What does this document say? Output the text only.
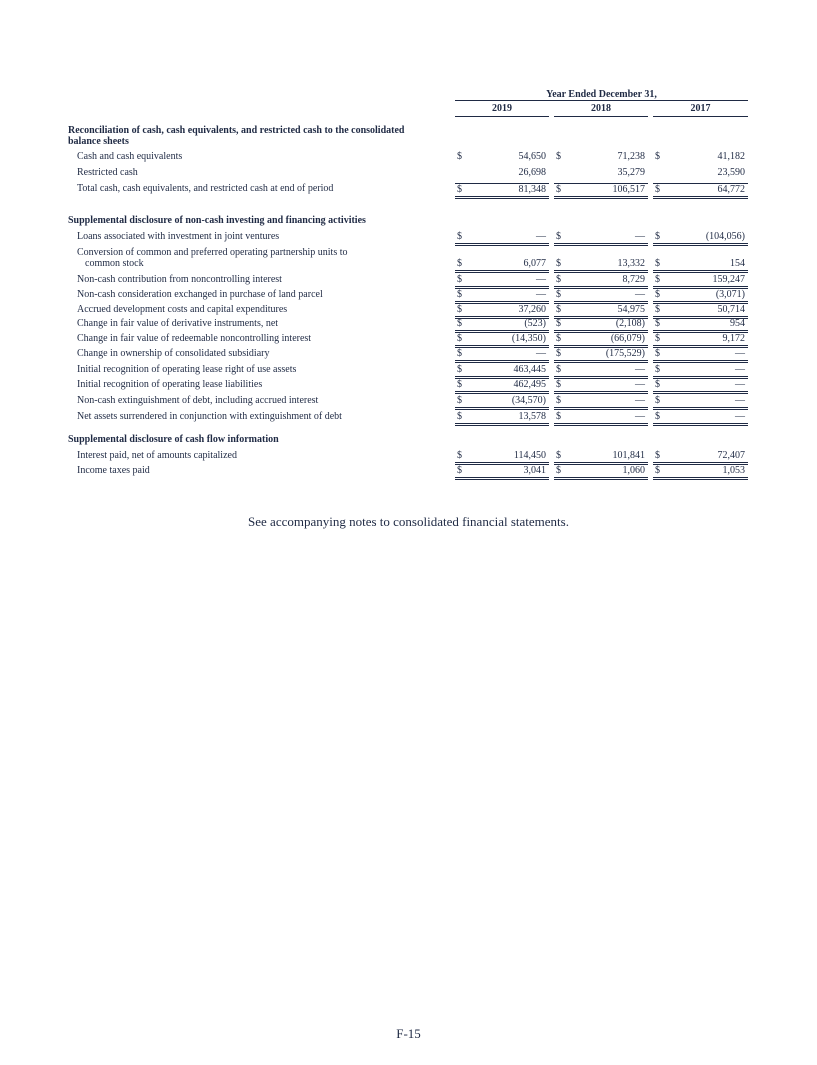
Year Ended December 31,
2019	2018	2017
Reconciliation of cash, cash equivalents, and restricted cash to the consolidated balance sheets
Cash and cash equivalents	$	54,650 $	71,238 $	41,182
Restricted cash	26,698	35,279	23,590
Total cash, cash equivalents, and restricted cash at end of period	$	81,348 $	106,517 $	64,772
Supplemental disclosure of non-cash investing and financing activities
Loans associated with investment in joint ventures	$	— $	— $	(104,056)
Conversion of common and preferred operating partnership units to
common stock	$	6,077 $	13,332 $	154
Non-cash contribution from noncontrolling interest	$	— $	8,729 $	159,247
Non-cash consideration exchanged in purchase of land parcel	$	— $	— $	(3,071)
Accrued development costs and capital expenditures	$	37,260 $	54,975 $	50,714
Change in fair value of derivative instruments, net	$	(523) $	(2,108) $	954
Change in fair value of redeemable noncontrolling interest	$	(14,350) $	(66,079) $	9,172
Change in ownership of consolidated subsidiary	$	— $	(175,529) $	—
Initial recognition of operating lease right of use assets	$	463,445 $	— $	—
Initial recognition of operating lease liabilities	$	462,495 $	— $	—
Non-cash extinguishment of debt, including accrued interest	$	(34,570) $	— $	—
Net assets surrendered in conjunction with extinguishment of debt	$	13,578 $	— $	—
Supplemental disclosure of cash flow information
Interest paid, net of amounts capitalized	$	114,450 $	101,841 $	72,407
Income taxes paid	$	3,041 $	1,060 $	1,053
See accompanying notes to consolidated financial statements.
F-15
